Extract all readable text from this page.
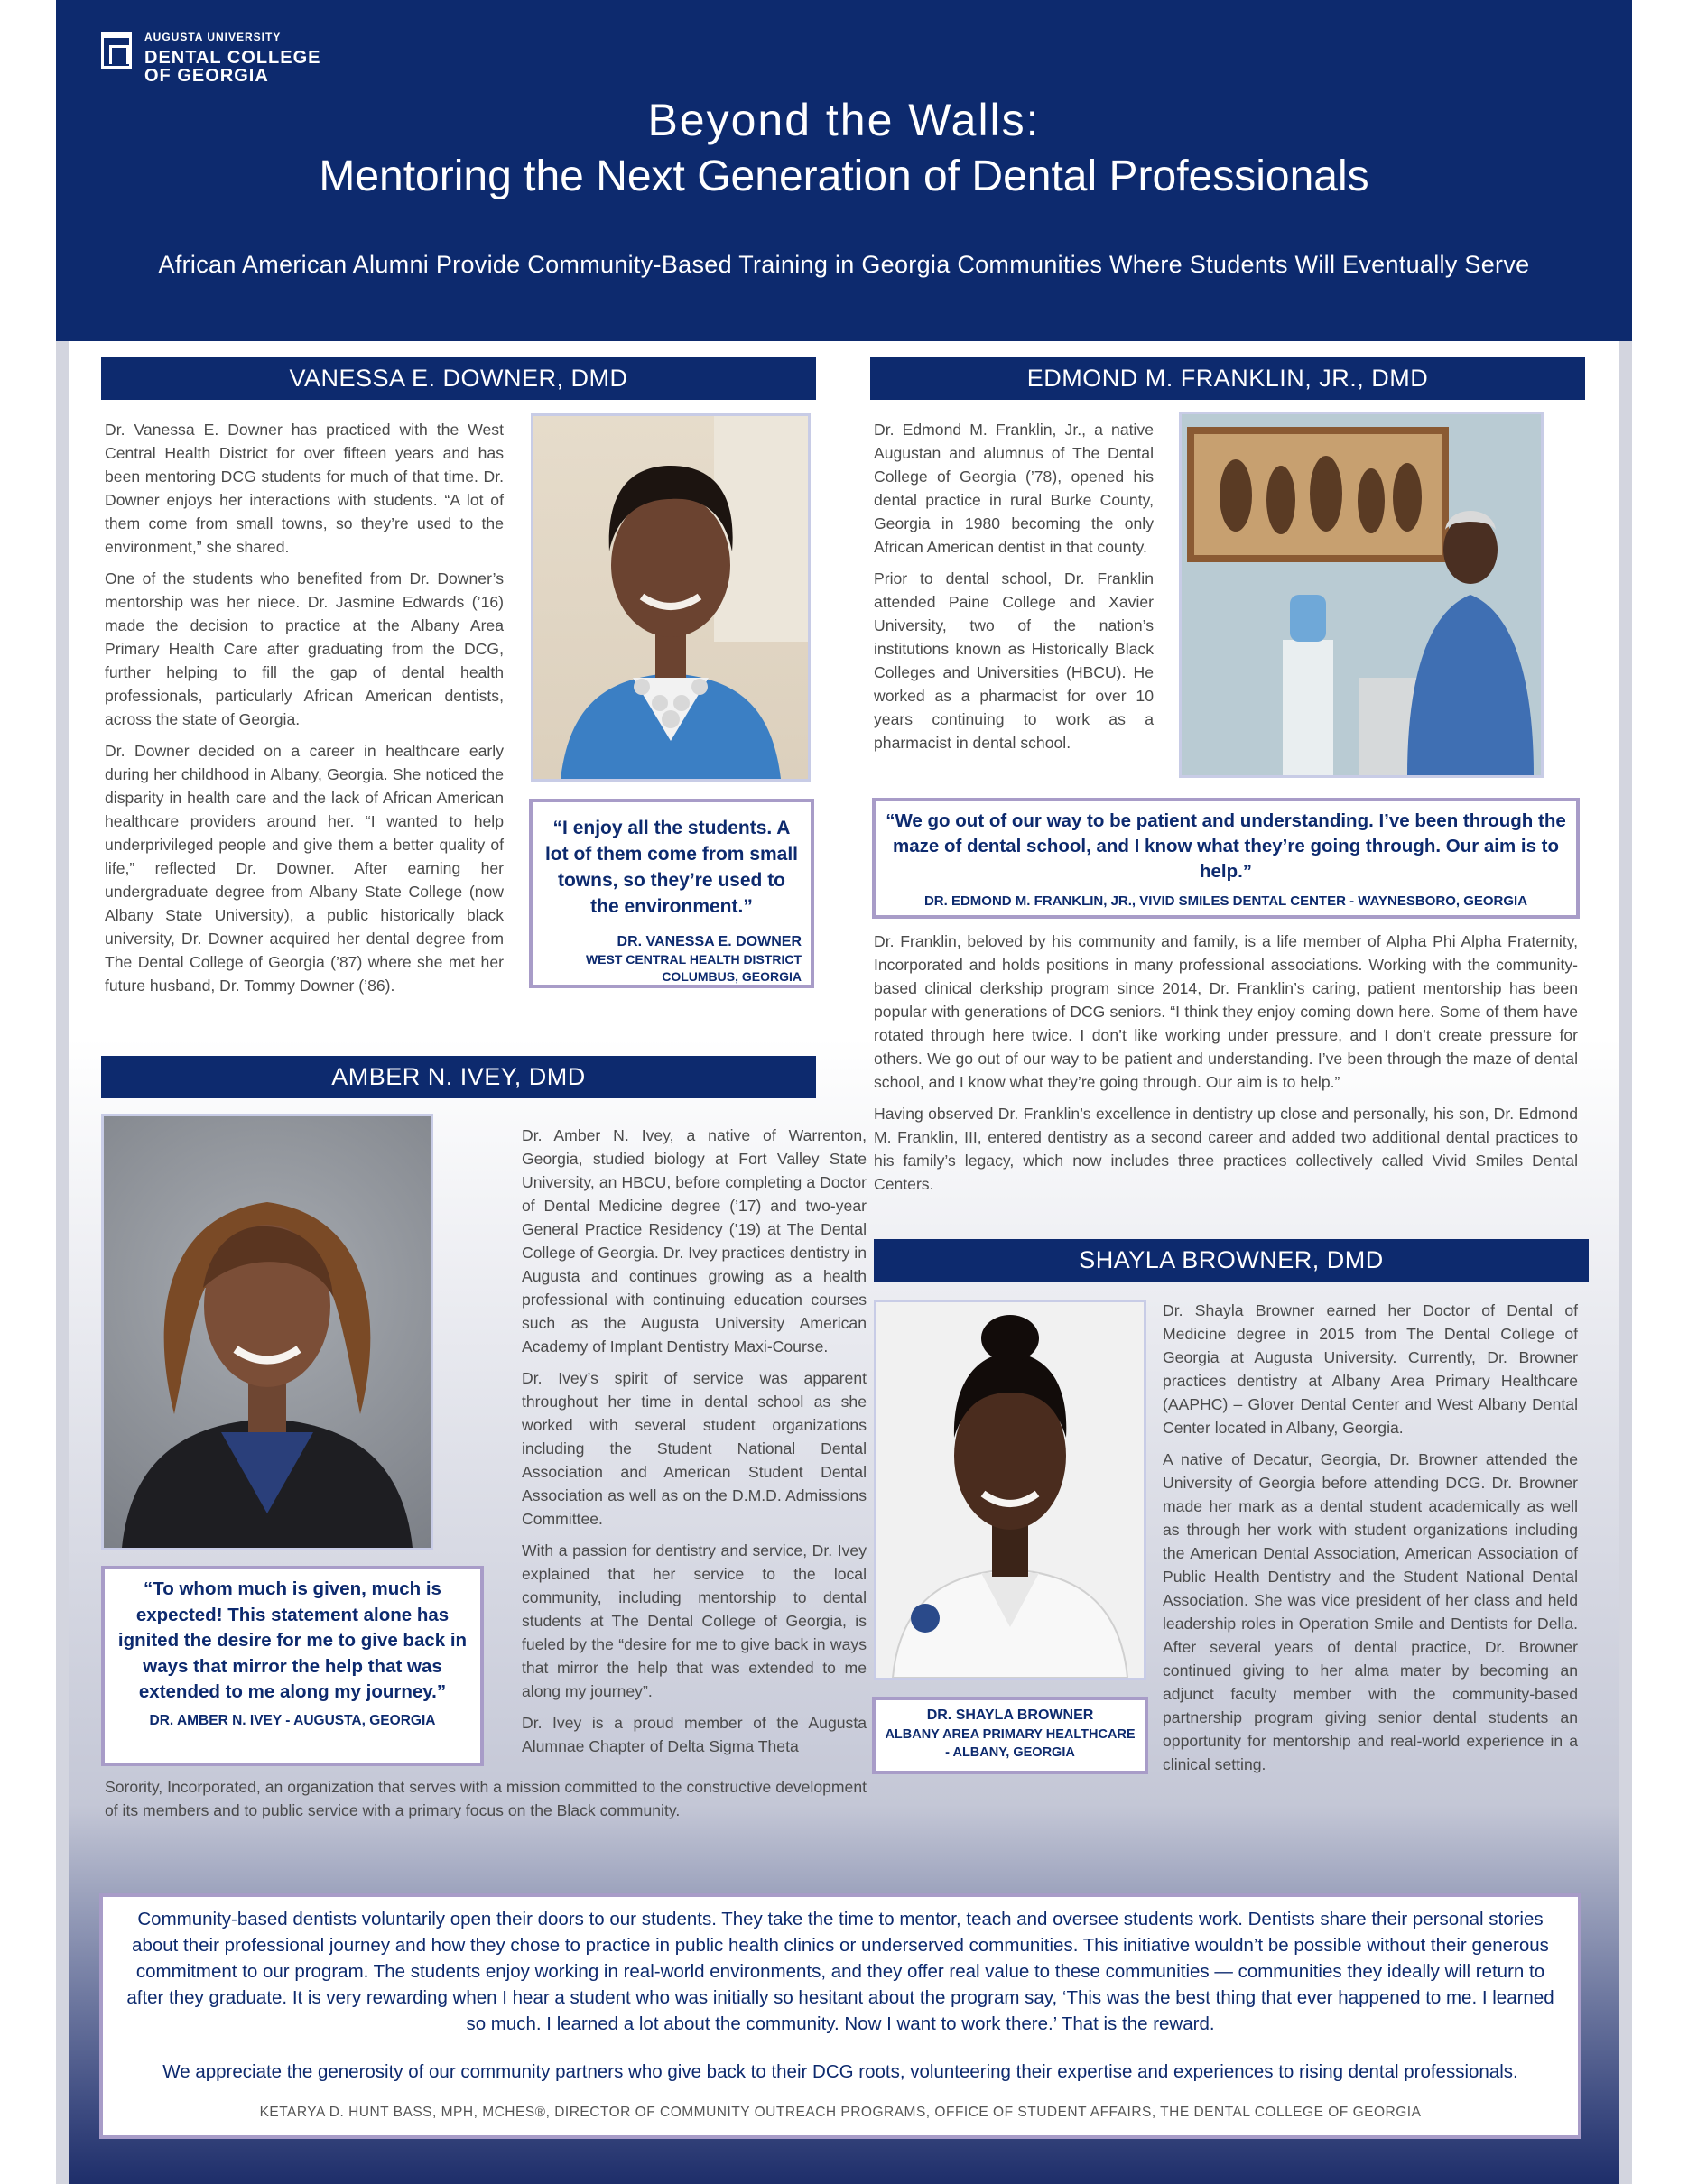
AUGUSTA UNIVERSITY
DENTAL COLLEGE
OF GEORGIA
Beyond the Walls:
Mentoring the Next Generation of Dental Professionals
African American Alumni Provide Community-Based Training in Georgia Communities Where Students Will Eventually Serve
VANESSA E. DOWNER, DMD

Dr. Vanessa E. Downer has practiced with the West Central Health District for over fifteen years and has been mentoring DCG students for much of that time. Dr. Downer enjoys her interactions with students. “A lot of them come from small towns, so they’re used to the environment,” she shared.

One of the students who benefited from Dr. Downer’s mentorship was her niece. Dr. Jasmine Edwards (’16) made the decision to practice at the Albany Area Primary Health Care after graduating from the DCG, further helping to fill the gap of dental health professionals, particularly African American dentists, across the state of Georgia.

Dr. Downer decided on a career in healthcare early during her childhood in Albany, Georgia. She noticed the disparity in health care and the lack of African American healthcare providers around her. “I wanted to help underprivileged people and give them a better quality of life,” reflected Dr. Downer. After earning her undergraduate degree from Albany State College (now Albany State University), a public historically black university, Dr. Downer acquired her dental degree from The Dental College of Georgia (’87) where she met her future husband, Dr. Tommy Downer (’86).

“I enjoy all the students. A lot of them come from small towns, so they’re used to the environment.”
DR. VANESSA E. DOWNER
WEST CENTRAL HEALTH DISTRICT
COLUMBUS, GEORGIA
EDMOND M. FRANKLIN, JR., DMD

Dr. Edmond M. Franklin, Jr., a native Augustan and alumnus of The Dental College of Georgia (’78), opened his dental practice in rural Burke County, Georgia in 1980 becoming the only African American dentist in that county.

Prior to dental school, Dr. Franklin attended Paine College and Xavier University, two of the nation’s institutions known as Historically Black Colleges and Universities (HBCU). He worked as a pharmacist for over 10 years continuing to work as a pharmacist in dental school.

“We go out of our way to be patient and understanding. I’ve been through the maze of dental school, and I know what they’re going through. Our aim is to help.”
DR. EDMOND M. FRANKLIN, JR., VIVID SMILES DENTAL CENTER - WAYNESBORO, GEORGIA

Dr. Franklin, beloved by his community and family, is a life member of Alpha Phi Alpha Fraternity, Incorporated and holds positions in many professional associations. Working with the community-based clinical clerkship program since 2014, Dr. Franklin’s caring, patient mentorship has been popular with generations of DCG seniors. “I think they enjoy coming down here. Some of them have rotated through here twice. I don’t like working under pressure, and I don’t create pressure for others. We go out of our way to be patient and understanding. I’ve been through the maze of dental school, and I know what they’re going through. Our aim is to help.”

Having observed Dr. Franklin’s excellence in dentistry up close and personally, his son, Dr. Edmond M. Franklin, III, entered dentistry as a second career and added two additional dental practices to his family’s legacy, which now includes three practices collectively called Vivid Smiles Dental Centers.

AMBER N. IVEY, DMD

Dr. Amber N. Ivey, a native of Warrenton, Georgia, studied biology at Fort Valley State University, an HBCU, before completing a Doctor of Dental Medicine degree (’17) and two-year General Practice Residency (’19) at The Dental College of Georgia. Dr. Ivey practices dentistry in Augusta and continues growing as a health professional with continuing education courses such as the Augusta University American Academy of Implant Dentistry Maxi-Course.

Dr. Ivey’s spirit of service was apparent throughout her time in dental school as she worked with several student organizations including the Student National Dental Association and American Student Dental Association as well as on the D.M.D. Admissions Committee.

With a passion for dentistry and service, Dr. Ivey explained that her service to the local community, including mentorship to dental students at The Dental College of Georgia, is fueled by the “desire for me to give back in ways that mirror the help that was extended to me along my journey”.

Dr. Ivey is a proud member of the Augusta Alumnae Chapter of Delta Sigma Theta

Sorority, Incorporated, an organization that serves with a mission committed to the constructive development of its members and to public service with a primary focus on the Black community.

“To whom much is given, much is expected! This statement alone has ignited the desire for me to give back in ways that mirror the help that was extended to me along my journey.”
DR. AMBER N. IVEY - AUGUSTA, GEORGIA
SHAYLA BROWNER, DMD
DR. SHAYLA BROWNER
ALBANY AREA PRIMARY HEALTHCARE
- ALBANY, GEORGIA

Dr. Shayla Browner earned her Doctor of Dental of Medicine degree in 2015 from The Dental College of Georgia at Augusta University. Currently, Dr. Browner practices dentistry at Albany Area Primary Healthcare (AAPHC) – Glover Dental Center and West Albany Dental Center located in Albany, Georgia.

A native of Decatur, Georgia, Dr. Browner attended the University of Georgia before attending DCG. Dr. Browner made her mark as a dental student academically as well as through her work with student organizations including the American Dental Association, American Association of Public Health Dentistry and the Student National Dental Association. She was vice president of her class and held leadership roles in Operation Smile and Dentists for Della. After several years of dental practice, Dr. Browner continued giving to her alma mater by becoming an adjunct faculty member with the community-based partnership program giving senior dental students an opportunity for mentorship and real-world experience in a clinical setting.

Community-based dentists voluntarily open their doors to our students. They take the time to mentor, teach and oversee students work. Dentists share their personal stories about their professional journey and how they chose to practice in public health clinics or underserved communities. This initiative wouldn’t be possible without their generous commitment to our program. The students enjoy working in real-world environments, and they offer real value to these communities — communities they ideally will return to after they graduate. It is very rewarding when I hear a student who was initially so hesitant about the program say, ‘This was the best thing that ever happened to me. I learned so much. I learned a lot about the community. Now I want to work there.’ That is the reward.
We appreciate the generosity of our community partners who give back to their DCG roots, volunteering their expertise and experiences to rising dental professionals.
KETARYA D. HUNT BASS, MPH, MCHES®, DIRECTOR OF COMMUNITY OUTREACH PROGRAMS, OFFICE OF STUDENT AFFAIRS, THE DENTAL COLLEGE OF GEORGIA
